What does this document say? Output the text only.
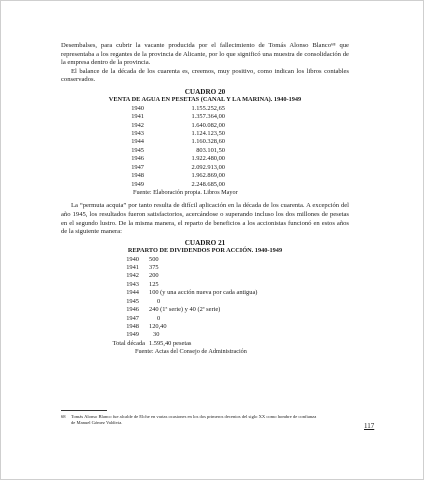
Desembalses, para cubrir la vacante producida por el fallecimiento de Tomás Alonso Blanco⁶⁸ que representaba a los regantes de la provincia de Alicante, por lo que significó una muestra de consolidación de la empresa dentro de la provincia.

El balance de la década de los cuarenta es, creemos, muy positivo, como indican los libros contables conservados.

CUADRO 20

VENTA DE AGUA EN PESETAS (CANAL Y LA MARINA). 1940-1949

1940	1.155.252,65
1941	1.357.364,00
1942	1.640.082,00
1943	1.124.123,50
1944	1.160.328,60
1945	803.101,50
1946	1.922.480,00
1947	2.092.913,00
1948	1.962.869,00
1949	2.248.685,00

Fuente: Elaboración propia. Libros Mayor

La “permuta acquia” por tanto resulta de difícil aplicación en la década de los cuarenta. A excepción del año 1945, los resultados fueron satisfactorios, acercándose o superando incluso los dos millones de pesetas en el segundo lustro. De la misma manera, el reparto de beneficios a los accionistas funcionó en estos años de la siguiente manera:

CUADRO 21

REPARTO DE DIVIDENDOS POR ACCIÓN. 1940-1949

1940	500
1941	375
1942	200
1943	125
1944	100 (y una acción nueva por cada antigua)
1945	0
1946	240 (1ª serie) y 40 (2ª serie)
1947	0
1948	120,40
1949	30
Total década 1.595,40 pesetas

Fuente: Actas del Consejo de Administración

68	Tomás Alonso Blanco fue alcalde de Elche en varias ocasiones en los dos primeros decenios del siglo XX como hombre de confianza de Manuel Gómez Valdivia.	117
